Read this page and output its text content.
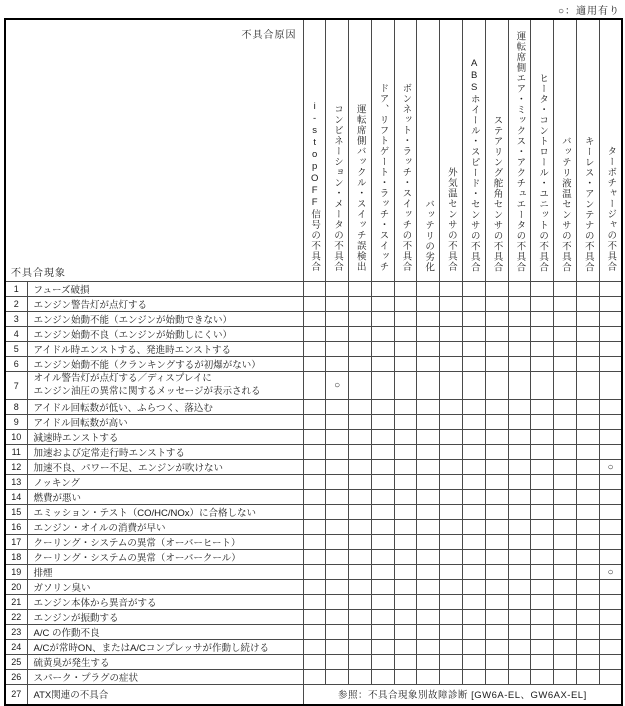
○：適用有り
不具合原因
不具合現象		i-stopOFF信号の不具合	コンビネーション・メータの不具合	運転席側バックル・スイッチ誤検出	ドア、リフトゲート・ラッチ・スイッチ	ボンネット・ラッチ・スイッチの不具合	バッテリの劣化	外気温センサの不具合	ABSホイール・スピード・センサの不具合	ステアリング舵角センサの不具合	運転席側エア・ミックス・アクチュエータの不具合	ヒータ・コントロール・ユニットの不具合	バッテリ液温センサの不具合	キーレス・アンテナの不具合	ターボチャージャの不具合
1	フューズ破損														
2	エンジン警告灯が点灯する														
3	エンジン始動不能（エンジンが始動できない）														
4	エンジン始動不良（エンジンが始動しにくい）														
5	アイドル時エンストする、発進時エンストする														
6	エンジン始動不能（クランキングするが初爆がない）														
7	オイル警告灯が点灯する／ディスプレイに
エンジン油圧の異常に関するメッセージが表示される		○												
8	アイドル回転数が低い、ふらつく、落込む														
9	アイドル回転数が高い														
10	減速時エンストする														
11	加速および定常走行時エンストする														
12	加速不良、パワー不足、エンジンが吹けない														○
13	ノッキング														
14	燃費が悪い														
15	エミッション・テスト（CO/HC/NOx）に合格しない														
16	エンジン・オイルの消費が早い														
17	クーリング・システムの異常（オーバーヒート）														
18	クーリング・システムの異常（オーバークール）														
19	排煙														○
20	ガソリン臭い														
21	エンジン本体から異音がする														
22	エンジンが振動する														
23	A/C の作動不良														
24	A/Cが常時ON、またはA/Cコンプレッサが作動し続ける														
25	硫黄臭が発生する														
26	スパーク・プラグの症状														
27	ATX関連の不具合	参照：不具合現象別故障診断 [GW6A-EL、GW6AX-EL]													
